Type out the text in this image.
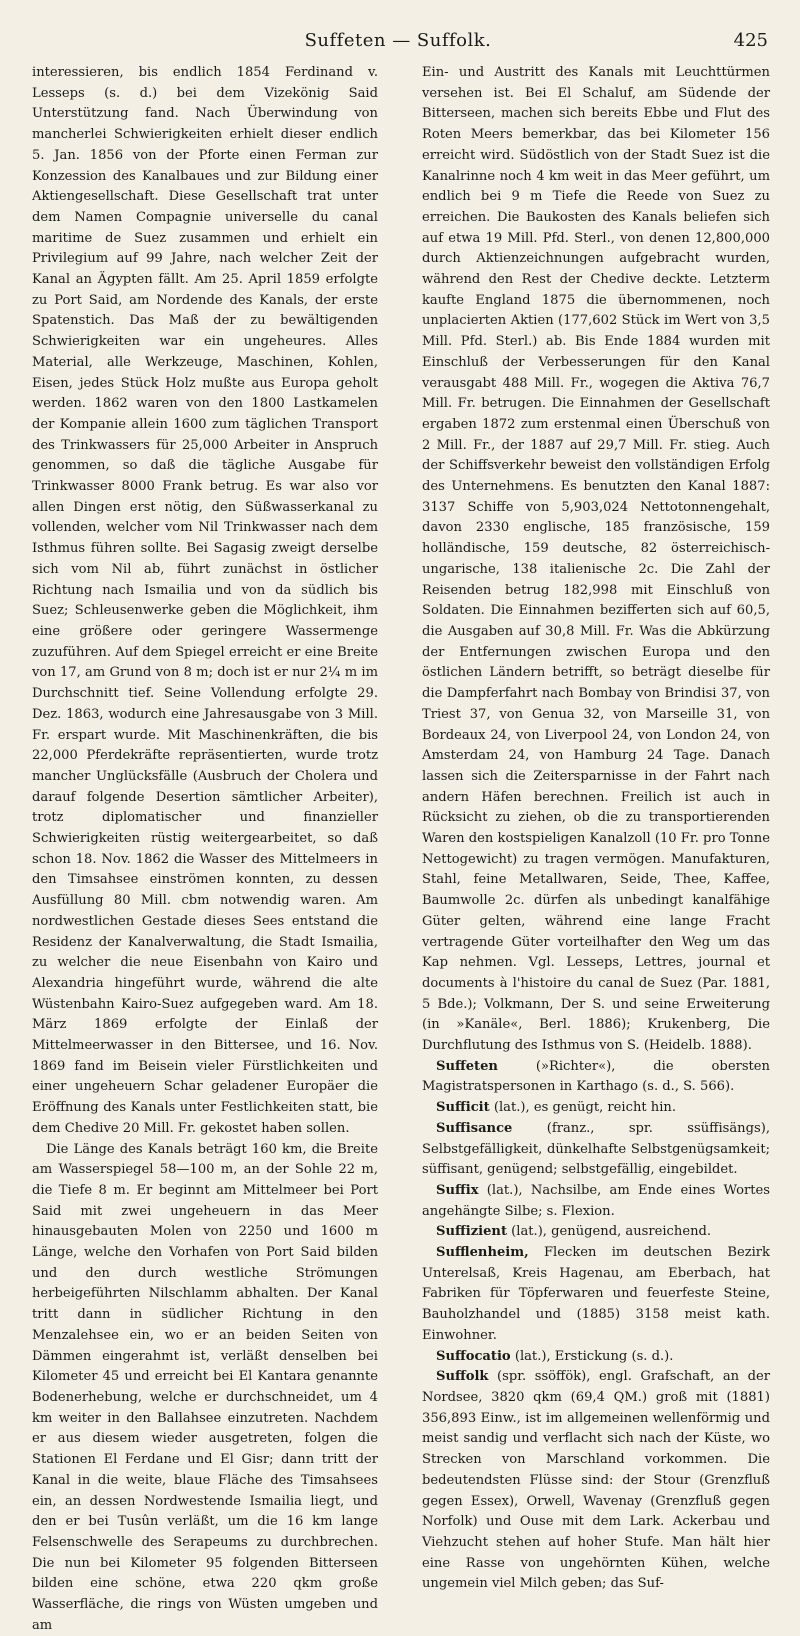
Suffeten — Suffolk.	425

interessieren, bis endlich 1854 Ferdinand v. Lesseps (s. d.) bei dem Vizekönig Said Unterstützung fand. Nach Überwindung von mancherlei Schwierigkeiten erhielt dieser endlich 5. Jan. 1856 von der Pforte einen Ferman zur Konzession des Kanalbaues und zur Bildung einer Aktiengesellschaft. Diese Gesellschaft trat unter dem Namen Compagnie universelle du canal maritime de Suez zusammen und erhielt ein Privilegium auf 99 Jahre, nach welcher Zeit der Kanal an Ägypten fällt. Am 25. April 1859 erfolgte zu Port Said, am Nordende des Kanals, der erste Spatenstich. Das Maß der zu bewältigenden Schwierigkeiten war ein ungeheures. Alles Material, alle Werkzeuge, Maschinen, Kohlen, Eisen, jedes Stück Holz mußte aus Europa geholt werden. 1862 waren von den 1800 Lastkamelen der Kompanie allein 1600 zum täglichen Transport des Trinkwassers für 25,000 Arbeiter in Anspruch genommen, so daß die tägliche Ausgabe für Trinkwasser 8000 Frank betrug. Es war also vor allen Dingen erst nötig, den Süßwasserkanal zu vollenden, welcher vom Nil Trinkwasser nach dem Isthmus führen sollte. Bei Sagasig zweigt derselbe sich vom Nil ab, führt zunächst in östlicher Richtung nach Ismailia und von da südlich bis Suez; Schleusenwerke geben die Möglichkeit, ihm eine größere oder geringere Wassermenge zuzuführen. Auf dem Spiegel erreicht er eine Breite von 17, am Grund von 8 m; doch ist er nur 2¼ m im Durchschnitt tief. Seine Vollendung erfolgte 29. Dez. 1863, wodurch eine Jahresausgabe von 3 Mill. Fr. erspart wurde. Mit Maschinenkräften, die bis 22,000 Pferdekräfte repräsentierten, wurde trotz mancher Unglücksfälle (Ausbruch der Cholera und darauf folgende Desertion sämtlicher Arbeiter), trotz diplomatischer und finanzieller Schwierigkeiten rüstig weitergearbeitet, so daß schon 18. Nov. 1862 die Wasser des Mittelmeers in den Timsahsee einströmen konnten, zu dessen Ausfüllung 80 Mill. cbm notwendig waren. Am nordwestlichen Gestade dieses Sees entstand die Residenz der Kanalverwaltung, die Stadt Ismailia, zu welcher die neue Eisenbahn von Kairo und Alexandria hingeführt wurde, während die alte Wüstenbahn Kairo-Suez aufgegeben ward. Am 18. März 1869 erfolgte der Einlaß der Mittelmeerwasser in den Bittersee, und 16. Nov. 1869 fand im Beisein vieler Fürstlichkeiten und einer ungeheuern Schar geladener Europäer die Eröffnung des Kanals unter Festlichkeiten statt, bie dem Chedive 20 Mill. Fr. gekostet haben sollen.

Die Länge des Kanals beträgt 160 km, die Breite am Wasserspiegel 58—100 m, an der Sohle 22 m, die Tiefe 8 m. Er beginnt am Mittelmeer bei Port Said mit zwei ungeheuern in das Meer hinausgebauten Molen von 2250 und 1600 m Länge, welche den Vorhafen von Port Said bilden und den durch westliche Strömungen herbeigeführten Nilschlamm abhalten. Der Kanal tritt dann in südlicher Richtung in den Menzalehsee ein, wo er an beiden Seiten von Dämmen eingerahmt ist, verläßt denselben bei Kilometer 45 und erreicht bei El Kantara genannte Bodenerhebung, welche er durchschneidet, um 4 km weiter in den Ballahsee einzutreten. Nachdem er aus diesem wieder ausgetreten, folgen die Stationen El Ferdane und El Gisr; dann tritt der Kanal in die weite, blaue Fläche des Timsahsees ein, an dessen Nordwestende Ismailia liegt, und den er bei Tusûn verläßt, um die 16 km lange Felsenschwelle des Serapeums zu durchbrechen. Die nun bei Kilometer 95 folgenden Bitterseen bilden eine schöne, etwa 220 qkm große Wasserfläche, die rings von Wüsten umgeben und am

Ein- und Austritt des Kanals mit Leuchttürmen versehen ist. Bei El Schaluf, am Südende der Bitterseen, machen sich bereits Ebbe und Flut des Roten Meers bemerkbar, das bei Kilometer 156 erreicht wird. Südöstlich von der Stadt Suez ist die Kanalrinne noch 4 km weit in das Meer geführt, um endlich bei 9 m Tiefe die Reede von Suez zu erreichen. Die Baukosten des Kanals beliefen sich auf etwa 19 Mill. Pfd. Sterl., von denen 12,800,000 durch Aktienzeichnungen aufgebracht wurden, während den Rest der Chedive deckte. Letzterm kaufte England 1875 die übernommenen, noch unplacierten Aktien (177,602 Stück im Wert von 3,5 Mill. Pfd. Sterl.) ab. Bis Ende 1884 wurden mit Einschluß der Verbesserungen für den Kanal verausgabt 488 Mill. Fr., wogegen die Aktiva 76,7 Mill. Fr. betrugen. Die Einnahmen der Gesellschaft ergaben 1872 zum erstenmal einen Überschuß von 2 Mill. Fr., der 1887 auf 29,7 Mill. Fr. stieg. Auch der Schiffsverkehr beweist den vollständigen Erfolg des Unternehmens. Es benutzten den Kanal 1887: 3137 Schiffe von 5,903,024 Nettotonnengehalt, davon 2330 englische, 185 französische, 159 holländische, 159 deutsche, 82 österreichisch-ungarische, 138 italienische 2c. Die Zahl der Reisenden betrug 182,998 mit Einschluß von Soldaten. Die Einnahmen bezifferten sich auf 60,5, die Ausgaben auf 30,8 Mill. Fr. Was die Abkürzung der Entfernungen zwischen Europa und den östlichen Ländern betrifft, so beträgt dieselbe für die Dampferfahrt nach Bombay von Brindisi 37, von Triest 37, von Genua 32, von Marseille 31, von Bordeaux 24, von Liverpool 24, von London 24, von Amsterdam 24, von Hamburg 24 Tage. Danach lassen sich die Zeitersparnisse in der Fahrt nach andern Häfen berechnen. Freilich ist auch in Rücksicht zu ziehen, ob die zu transportierenden Waren den kostspieligen Kanalzoll (10 Fr. pro Tonne Nettogewicht) zu tragen vermögen. Manufakturen, Stahl, feine Metallwaren, Seide, Thee, Kaffee, Baumwolle 2c. dürfen als unbedingt kanalfähige Güter gelten, während eine lange Fracht vertragende Güter vorteilhafter den Weg um das Kap nehmen. Vgl. Lesseps, Lettres, journal et documents à l'histoire du canal de Suez (Par. 1881, 5 Bde.); Volkmann, Der S. und seine Erweiterung (in »Kanäle«, Berl. 1886); Krukenberg, Die Durchflutung des Isthmus von S. (Heidelb. 1888).

Suffeten (»Richter«), die obersten Magistratspersonen in Karthago (s. d., S. 566).

Sufficit (lat.), es genügt, reicht hin.

Suffisance (franz., spr. ssüffisängs), Selbstgefälligkeit, dünkelhafte Selbstgenügsamkeit; süffisant, genügend; selbstgefällig, eingebildet.

Suffix (lat.), Nachsilbe, am Ende eines Wortes angehängte Silbe; s. Flexion.

Suffizient (lat.), genügend, ausreichend.

Sufflenheim, Flecken im deutschen Bezirk Unterelsaß, Kreis Hagenau, am Eberbach, hat Fabriken für Töpferwaren und feuerfeste Steine, Bauholzhandel und (1885) 3158 meist kath. Einwohner.

Suffocatio (lat.), Erstickung (s. d.).

Suffolk (spr. ssöffök), engl. Grafschaft, an der Nordsee, 3820 qkm (69,4 QM.) groß mit (1881) 356,893 Einw., ist im allgemeinen wellenförmig und meist sandig und verflacht sich nach der Küste, wo Strecken von Marschland vorkommen. Die bedeutendsten Flüsse sind: der Stour (Grenzfluß gegen Essex), Orwell, Wavenay (Grenzfluß gegen Norfolk) und Ouse mit dem Lark. Ackerbau und Viehzucht stehen auf hoher Stufe. Man hält hier eine Rasse von ungehörnten Kühen, welche ungemein viel Milch geben; das Suf-
